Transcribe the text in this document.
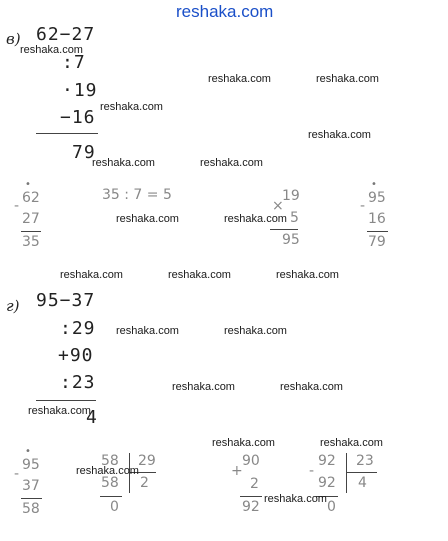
reshaka.com
в) 62−27
:7
·19
−16
79
•
- 62
27
35
35 : 7 = 5
×
19
5
95
•
- 95
16
79
г) 95−37
:29
+90
:23
4
•
-
95
37
58
58 29
58 2
0
+
90
2
92
-
92 23
92 4
0
reshaka.com
reshaka.com	reshaka.com
reshaka.com
reshaka.com
reshaka.com	reshaka.com
reshaka.com	reshaka.com
reshaka.com	reshaka.com	reshaka.com
reshaka.com	reshaka.com
reshaka.com	reshaka.com
reshaka.com
reshaka.com	reshaka.com
reshaka.com
reshaka.com
